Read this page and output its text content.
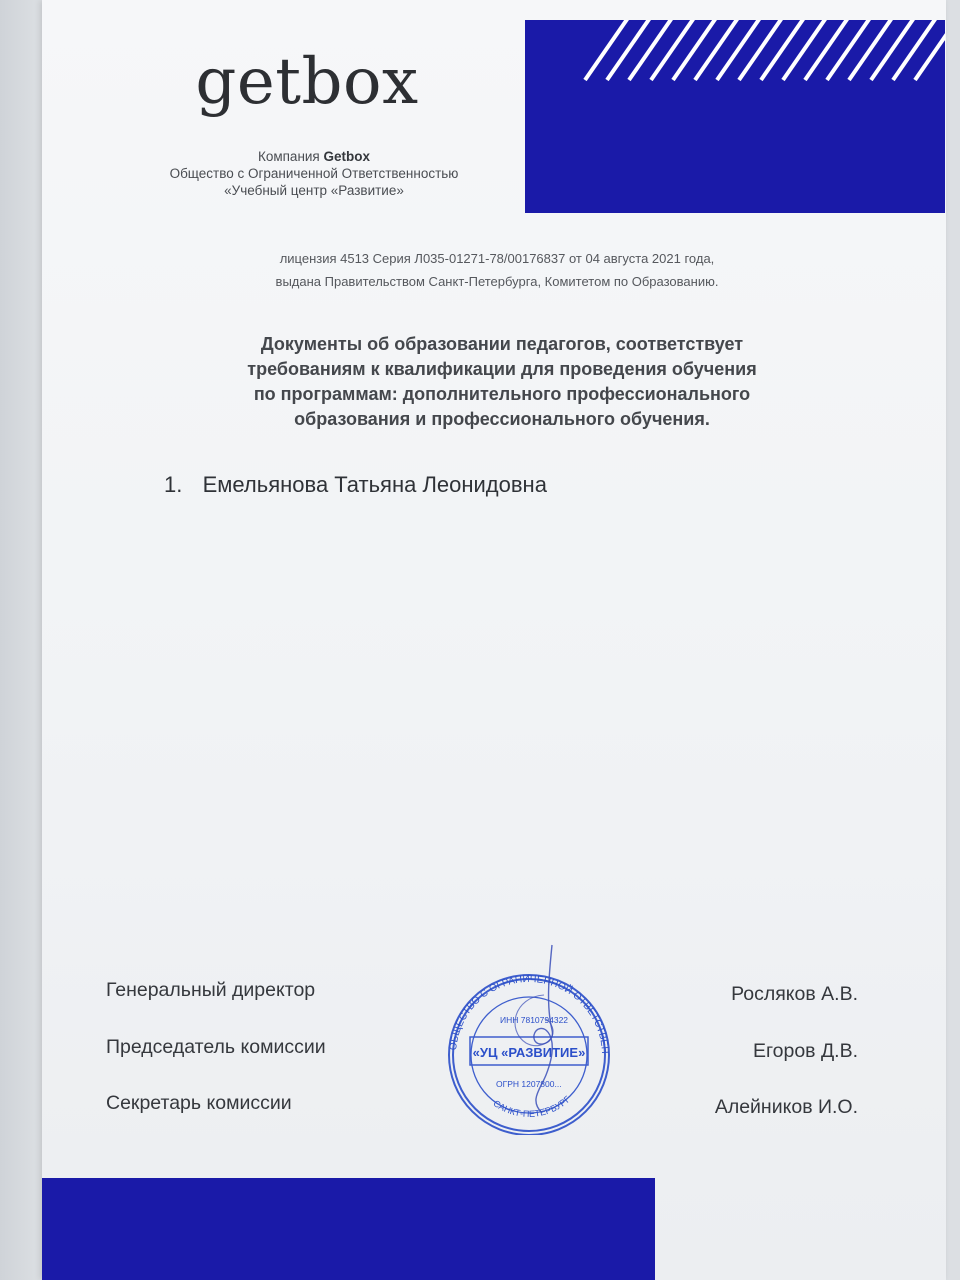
getbox
Компания Getbox
Общество с Ограниченной Ответственностью
«Учебный центр «Развитие»
лицензия 4513 Серия Л035-01271-78/00176837 от 04 августа 2021 года,
выдана Правительством Санкт-Петербурга, Комитетом по Образованию.
Документы об образовании педагогов, соответствует
требованиям к квалификации для проведения обучения
по программам: дополнительного профессионального
образования и профессионального обучения.
1. Емельянова Татьяна Леонидовна
Генеральный директор
Председатель комиссии
Секретарь комиссии
Росляков А.В.
Егоров Д.В.
Алейников И.О.
ОБЩЕСТВО С ОГРАНИЧЕННОЙ ОТВЕТСТВЕН
ИНН 7810794322
«УЦ «РАЗВИТИЕ»
ОГРН 1207800...
САНКТ-ПЕТЕРБУРГ
